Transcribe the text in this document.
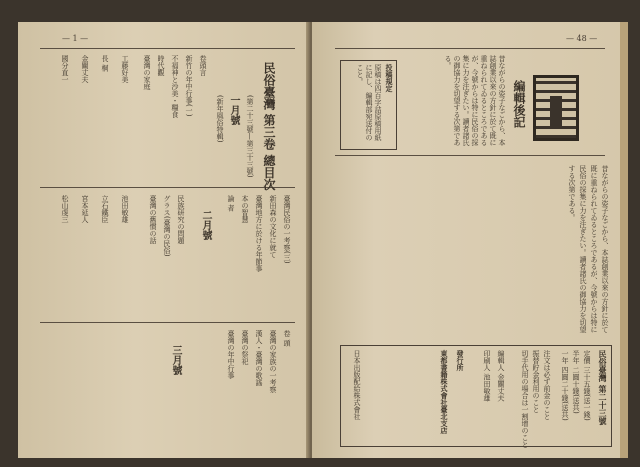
— 1 —
民俗臺灣 第三卷 總目次
(第二十三號—第三十三號)
一月號
(新年風俗特輯)
卷頭言
新竹の年中行事(一)
不福神と沙美・糧食
時代觀
臺灣の家庭
工藤好美
長 桐
金關丈夫
國分直一
二月號	臺灣民俗の一考察(三)
新田森の文化に就て
臺灣地方に於ける年節事
本の智慧
論 者
民族研究の問題
グラス(臺灣の民俗)
臺灣の舊慣の話
池田敏雄
立石鐵臣
宮本延人
松山虔三
三月號
卷 頭
臺灣の家族の一考察
漢人・臺灣の歌謠
臺灣の祭祀
臺灣の年中行事
— 48 —
編輯後記
昔ながらの姿子なごから、本誌創業以來の方針に於て既に重ねられてゐるところであるが、今號からは特に民俗の採集に力を注ぎたい。讀者諸氏の御協力を切望する次第である。
投稿規定
原稿は四百字詰原稿用紙に記し、編輯部宛送付のこと。
昔ながらの姿子なごから、本誌創業以來の方針に於て既に重ねられてゐるところであるが、今號からは特に民俗の採集に力を注ぎたい。讀者諸氏の御協力を切望する次第である。
民俗臺灣 第二十三號
定價 三十五錢(送一錢)
半年 二圓十錢(送共)
一年 四圓二十錢(送共)
注文は必ず前金のこと
振替貯金利用のこと
切手代用の場合は一割增のこと
編輯人 金關丈夫
印刷人 池田敏雄
發行所
東都書籍株式會社臺北支店
日本出版配給株式會社
